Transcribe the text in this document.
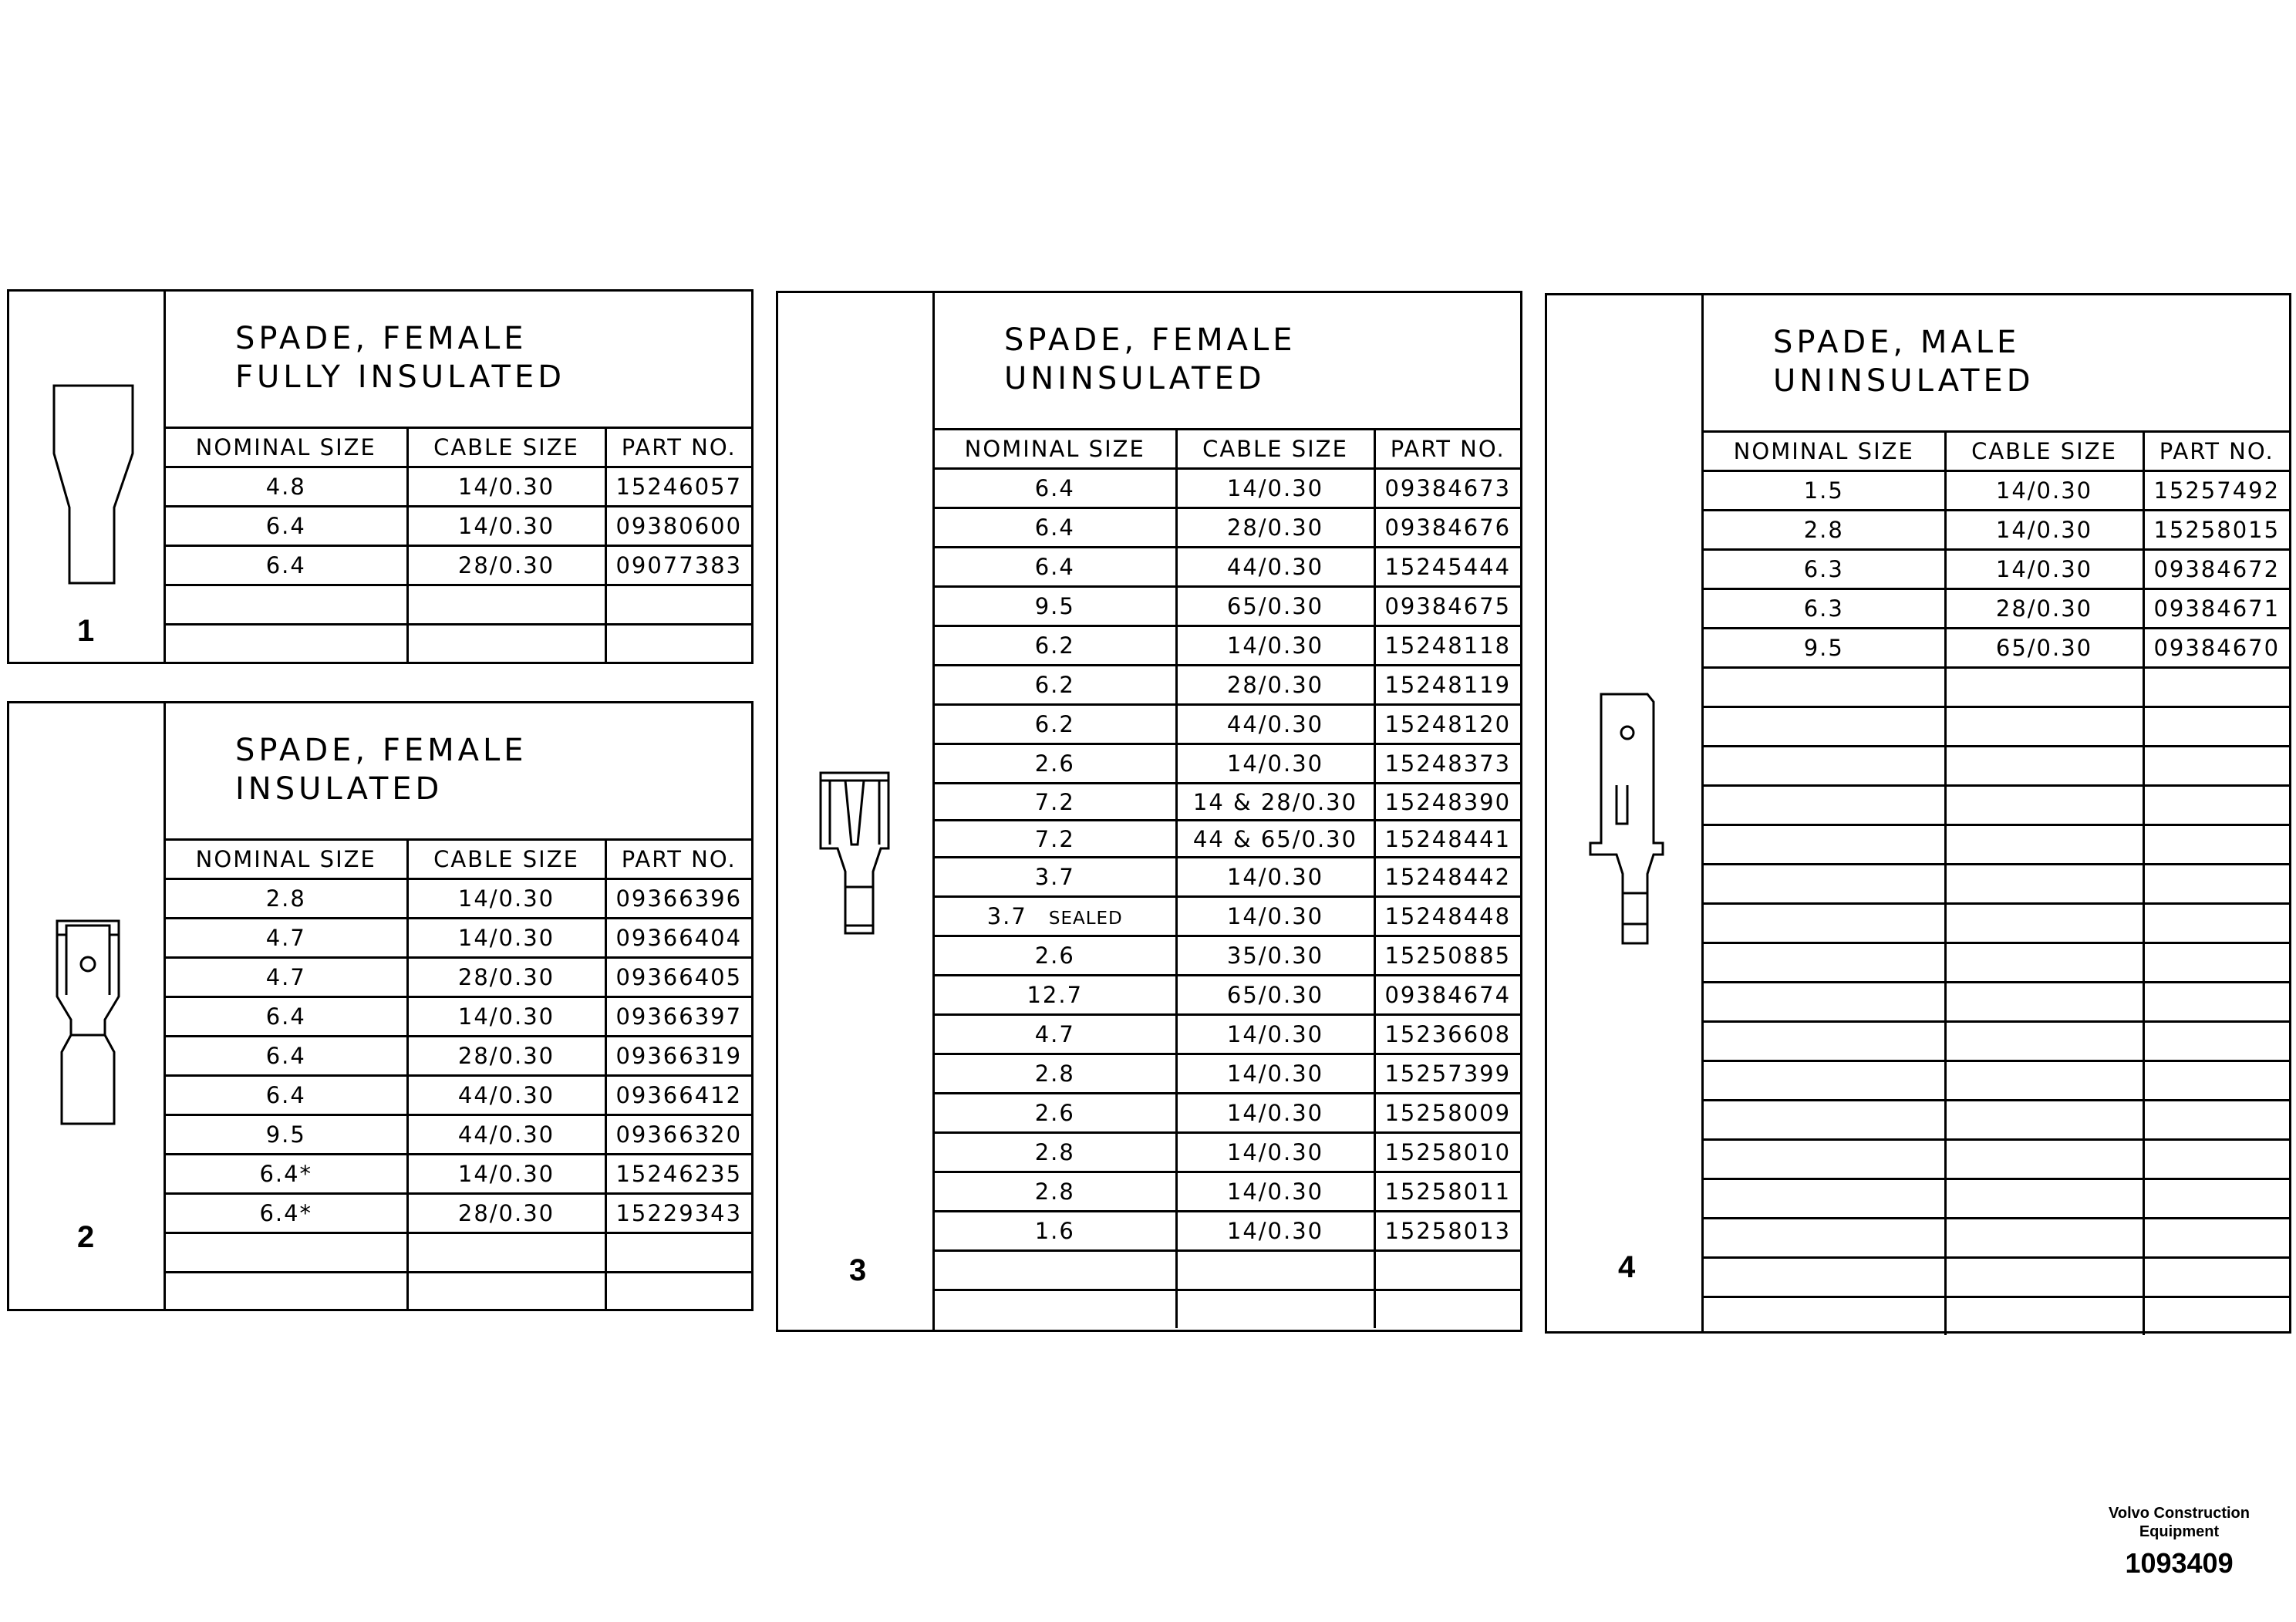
1
SPADE, FEMALE
FULLY INSULATED
NOMINAL SIZE	CABLE SIZE	PART NO.
4.8	14/0.30	15246057
6.4	14/0.30	09380600
6.4	28/0.30	09077383

2
SPADE, FEMALE
INSULATED
NOMINAL SIZE	CABLE SIZE	PART NO.
2.8	14/0.30	09366396
4.7	14/0.30	09366404
4.7	28/0.30	09366405
6.4	14/0.30	09366397
6.4	28/0.30	09366319
6.4	44/0.30	09366412
9.5	44/0.30	09366320
6.4*	14/0.30	15246235
6.4*	28/0.30	15229343

3
SPADE, FEMALE
UNINSULATED
NOMINAL SIZE	CABLE SIZE	PART NO.
6.4	14/0.30	09384673
6.4	28/0.30	09384676
6.4	44/0.30	15245444
9.5	65/0.30	09384675
6.2	14/0.30	15248118
6.2	28/0.30	15248119
6.2	44/0.30	15248120
2.6	14/0.30	15248373
7.2	14 & 28/0.30	15248390
7.2	44 & 65/0.30	15248441
3.7	14/0.30	15248442
3.7 SEALED	14/0.30	15248448
2.6	35/0.30	15250885
12.7	65/0.30	09384674
4.7	14/0.30	15236608
2.8	14/0.30	15257399
2.6	14/0.30	15258009
2.8	14/0.30	15258010
2.8	14/0.30	15258011
1.6	14/0.30	15258013

4
SPADE, MALE
UNINSULATED
NOMINAL SIZE	CABLE SIZE	PART NO.
1.5	14/0.30	15257492
2.8	14/0.30	15258015
6.3	14/0.30	09384672
6.3	28/0.30	09384671
9.5	65/0.30	09384670

Volvo Construction
Equipment
1093409
